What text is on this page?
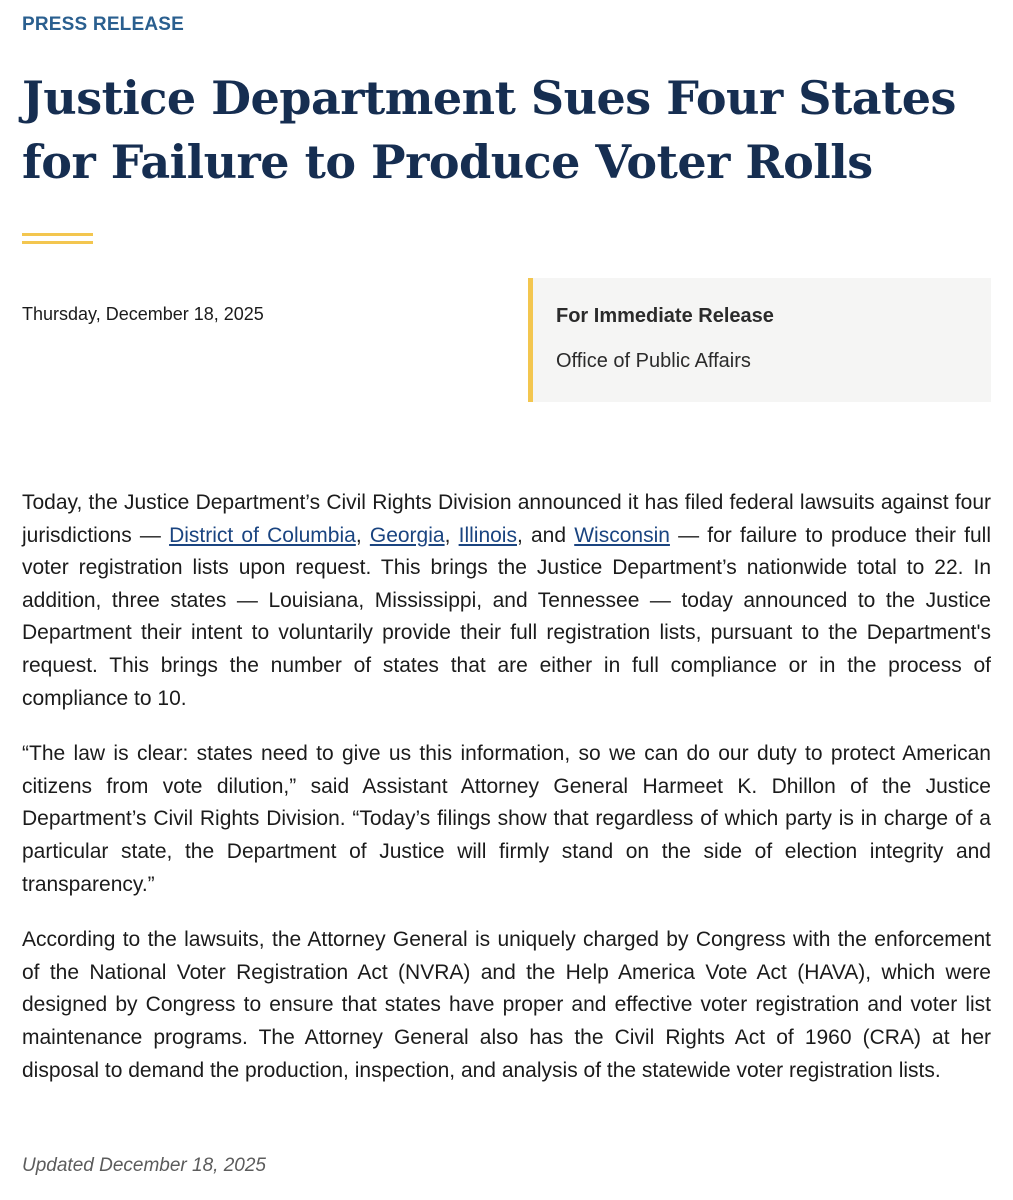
PRESS RELEASE
Justice Department Sues Four States for Failure to Produce Voter Rolls
Thursday, December 18, 2025	For Immediate Release
Office of Public Affairs

Today, the Justice Department’s Civil Rights Division announced it has filed federal lawsuits against four jurisdictions — District of Columbia, Georgia, Illinois, and Wisconsin — for failure to produce their full voter registration lists upon request. This brings the Justice Department’s nationwide total to 22. In addition, three states — Louisiana, Mississippi, and Tennessee — today announced to the Justice Department their intent to voluntarily provide their full registration lists, pursuant to the Department's request. This brings the number of states that are either in full compliance or in the process of compliance to 10.

“The law is clear: states need to give us this information, so we can do our duty to protect American citizens from vote dilution,” said Assistant Attorney General Harmeet K. Dhillon of the Justice Department’s Civil Rights Division. “Today’s filings show that regardless of which party is in charge of a particular state, the Department of Justice will firmly stand on the side of election integrity and transparency.”

According to the lawsuits, the Attorney General is uniquely charged by Congress with the enforcement of the National Voter Registration Act (NVRA) and the Help America Vote Act (HAVA), which were designed by Congress to ensure that states have proper and effective voter registration and voter list maintenance programs. The Attorney General also has the Civil Rights Act of 1960 (CRA) at her disposal to demand the production, inspection, and analysis of the statewide voter registration lists.

Updated December 18, 2025
